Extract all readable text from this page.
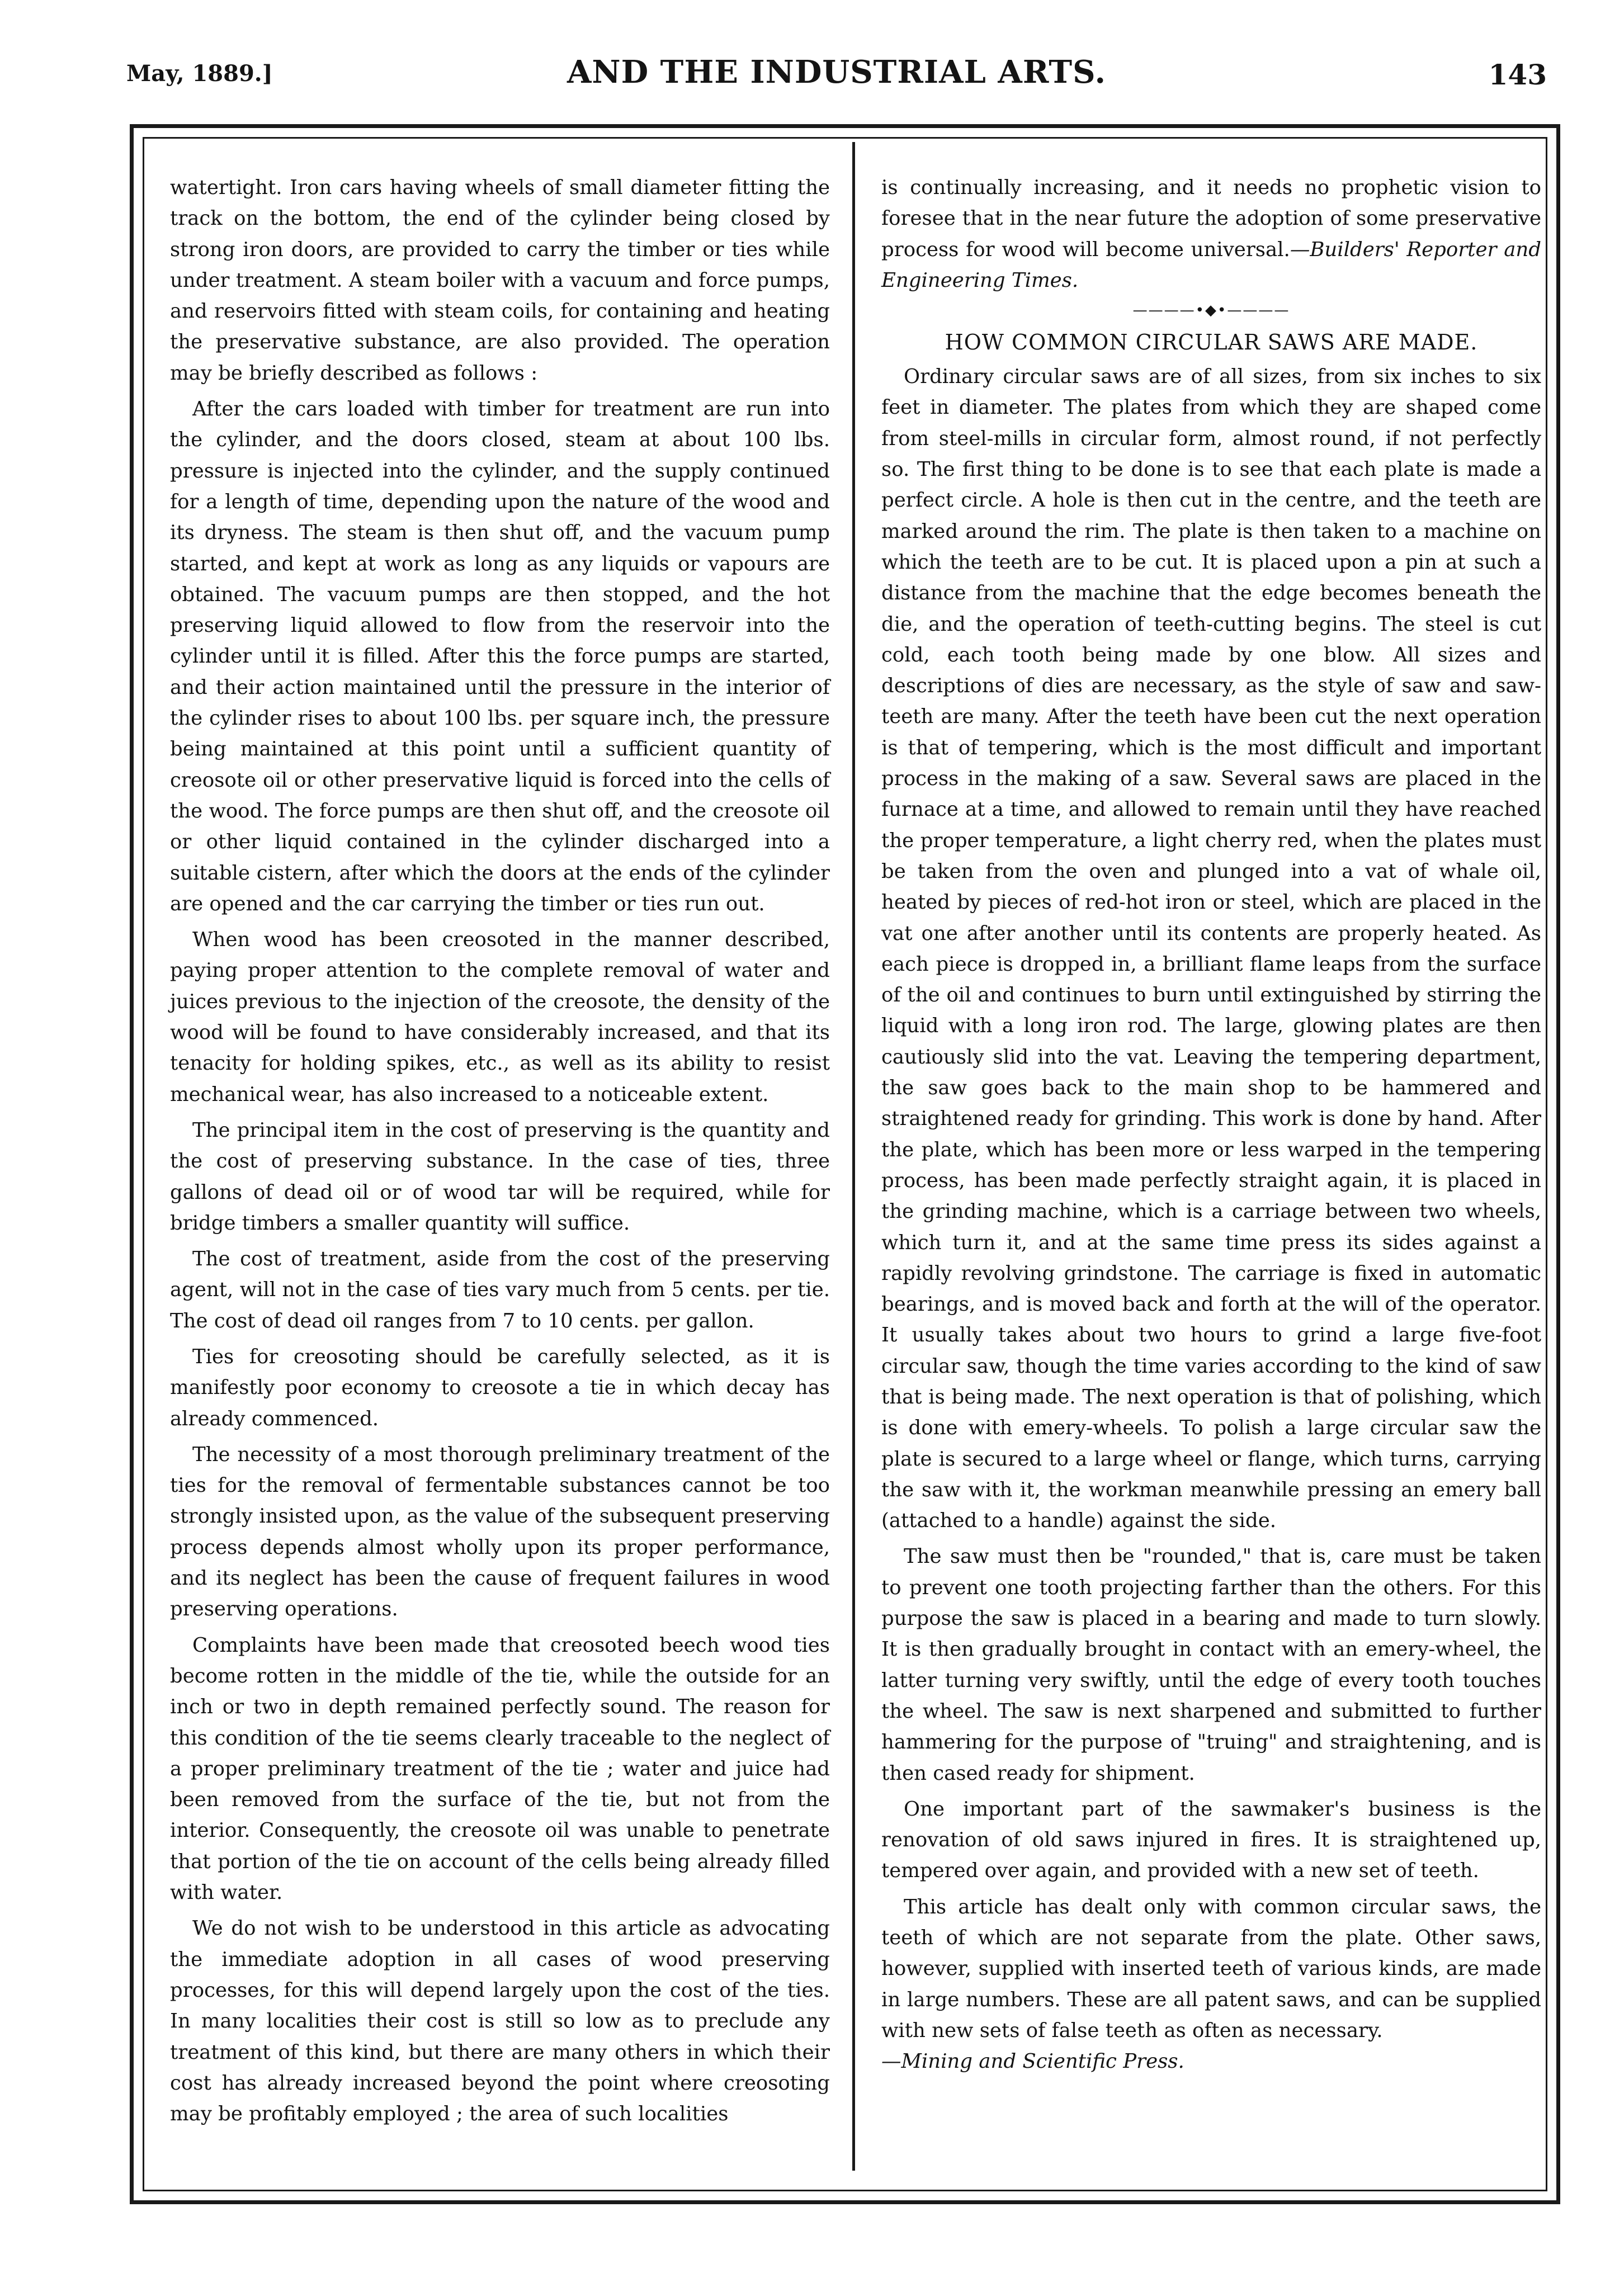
May, 1889.]	AND THE INDUSTRIAL ARTS.	143

watertight. Iron cars having wheels of small diameter fitting the track on the bottom, the end of the cylinder being closed by strong iron doors, are provided to carry the timber or ties while under treatment. A steam boiler with a vacuum and force pumps, and reservoirs fitted with steam coils, for containing and heating the preservative substance, are also provided. The operation may be briefly described as follows :

After the cars loaded with timber for treatment are run into the cylinder, and the doors closed, steam at about 100 lbs. pressure is injected into the cylinder, and the supply continued for a length of time, depending upon the nature of the wood and its dryness. The steam is then shut off, and the vacuum pump started, and kept at work as long as any liquids or vapours are obtained. The vacuum pumps are then stopped, and the hot preserving liquid allowed to flow from the reservoir into the cylinder until it is filled. After this the force pumps are started, and their action maintained until the pressure in the interior of the cylinder rises to about 100 lbs. per square inch, the pressure being maintained at this point until a sufficient quantity of creosote oil or other preservative liquid is forced into the cells of the wood. The force pumps are then shut off, and the creosote oil or other liquid contained in the cylinder discharged into a suitable cistern, after which the doors at the ends of the cylinder are opened and the car carrying the timber or ties run out.

When wood has been creosoted in the manner described, paying proper attention to the complete removal of water and juices previous to the injection of the creosote, the density of the wood will be found to have considerably increased, and that its tenacity for holding spikes, etc., as well as its ability to resist mechanical wear, has also increased to a noticeable extent.

The principal item in the cost of preserving is the quantity and the cost of preserving substance. In the case of ties, three gallons of dead oil or of wood tar will be required, while for bridge timbers a smaller quantity will suffice.

The cost of treatment, aside from the cost of the preserving agent, will not in the case of ties vary much from 5 cents. per tie. The cost of dead oil ranges from 7 to 10 cents. per gallon.

Ties for creosoting should be carefully selected, as it is manifestly poor economy to creosote a tie in which decay has already commenced.

The necessity of a most thorough preliminary treatment of the ties for the removal of fermentable substances cannot be too strongly insisted upon, as the value of the subsequent preserving process depends almost wholly upon its proper performance, and its neglect has been the cause of frequent failures in wood preserving operations.

Complaints have been made that creosoted beech wood ties become rotten in the middle of the tie, while the outside for an inch or two in depth remained perfectly sound. The reason for this condition of the tie seems clearly traceable to the neglect of a proper preliminary treatment of the tie ; water and juice had been removed from the surface of the tie, but not from the interior. Consequently, the creosote oil was unable to penetrate that portion of the tie on account of the cells being already filled with water.

We do not wish to be understood in this article as advocating the immediate adoption in all cases of wood preserving processes, for this will depend largely upon the cost of the ties. In many localities their cost is still so low as to preclude any treatment of this kind, but there are many others in which their cost has already increased beyond the point where creosoting may be profitably employed ; the area of such localities

is continually increasing, and it needs no prophetic vision to foresee that in the near future the adoption of some preservative process for wood will become universal.—Builders' Reporter and Engineering Times.

————•◆•————
HOW COMMON CIRCULAR SAWS ARE MADE.

Ordinary circular saws are of all sizes, from six inches to six feet in diameter. The plates from which they are shaped come from steel-mills in circular form, almost round, if not perfectly so. The first thing to be done is to see that each plate is made a perfect circle. A hole is then cut in the centre, and the teeth are marked around the rim. The plate is then taken to a machine on which the teeth are to be cut. It is placed upon a pin at such a distance from the machine that the edge becomes beneath the die, and the operation of teeth-cutting begins. The steel is cut cold, each tooth being made by one blow. All sizes and descriptions of dies are necessary, as the style of saw and saw-teeth are many. After the teeth have been cut the next operation is that of tempering, which is the most difficult and important process in the making of a saw. Several saws are placed in the furnace at a time, and allowed to remain until they have reached the proper temperature, a light cherry red, when the plates must be taken from the oven and plunged into a vat of whale oil, heated by pieces of red-hot iron or steel, which are placed in the vat one after another until its contents are properly heated. As each piece is dropped in, a brilliant flame leaps from the surface of the oil and continues to burn until extinguished by stirring the liquid with a long iron rod. The large, glowing plates are then cautiously slid into the vat. Leaving the tempering department, the saw goes back to the main shop to be hammered and straightened ready for grinding. This work is done by hand. After the plate, which has been more or less warped in the tempering process, has been made perfectly straight again, it is placed in the grinding machine, which is a carriage between two wheels, which turn it, and at the same time press its sides against a rapidly revolving grindstone. The carriage is fixed in automatic bearings, and is moved back and forth at the will of the operator. It usually takes about two hours to grind a large five-foot circular saw, though the time varies according to the kind of saw that is being made. The next operation is that of polishing, which is done with emery-wheels. To polish a large circular saw the plate is secured to a large wheel or flange, which turns, carrying the saw with it, the workman meanwhile pressing an emery ball (attached to a handle) against the side.

The saw must then be "rounded," that is, care must be taken to prevent one tooth projecting farther than the others. For this purpose the saw is placed in a bearing and made to turn slowly. It is then gradually brought in contact with an emery-wheel, the latter turning very swiftly, until the edge of every tooth touches the wheel. The saw is next sharpened and submitted to further hammering for the purpose of "truing" and straightening, and is then cased ready for shipment.

One important part of the sawmaker's business is the renovation of old saws injured in fires. It is straightened up, tempered over again, and provided with a new set of teeth.

This article has dealt only with common circular saws, the teeth of which are not separate from the plate. Other saws, however, supplied with inserted teeth of various kinds, are made in large numbers. These are all patent saws, and can be supplied with new sets of false teeth as often as necessary.
—Mining and Scientific Press.
